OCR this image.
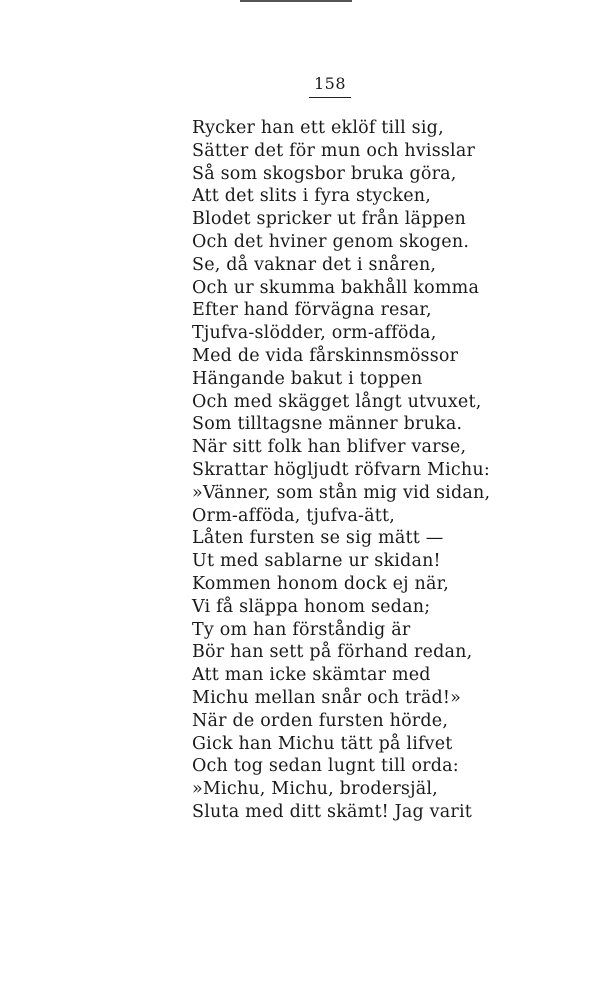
158
Rycker han ett eklöf till sig,
Sätter det för mun och hvisslar
Så som skogsbor bruka göra,
Att det slits i fyra stycken,
Blodet spricker ut från läppen
Och det hviner genom skogen.
Se, då vaknar det i snåren,
Och ur skumma bakhåll komma
Efter hand förvägna resar,
Tjufva-slödder, orm-afföda,
Med de vida fårskinnsmössor
Hängande bakut i toppen
Och med skägget långt utvuxet,
Som tilltagsne männer bruka.
När sitt folk han blifver varse,
Skrattar högljudt röfvarn Michu:
»Vänner, som stån mig vid sidan,
Orm-afföda, tjufva-ätt,
Låten fursten se sig mätt —
Ut med sablarne ur skidan!
Kommen honom dock ej när,
Vi få släppa honom sedan;
Ty om han förståndig är
Bör han sett på förhand redan,
Att man icke skämtar med
Michu mellan snår och träd!»
När de orden fursten hörde,
Gick han Michu tätt på lifvet
Och tog sedan lugnt till orda:
»Michu, Michu, brodersjäl,
Sluta med ditt skämt! Jag varit
